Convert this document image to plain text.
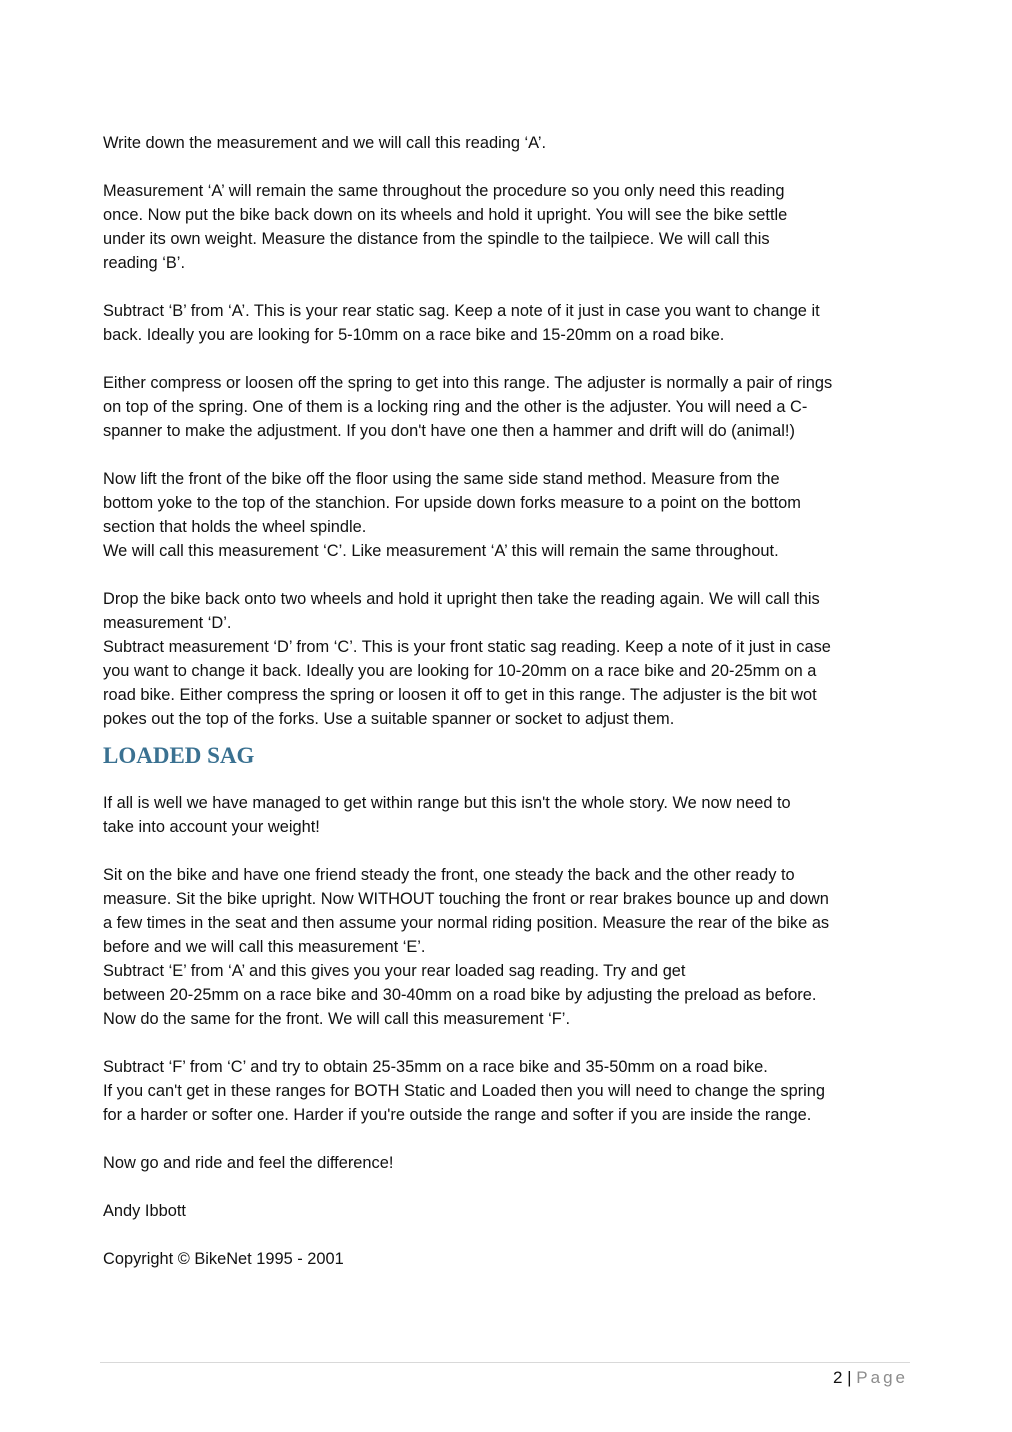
Write down the measurement and we will call this reading ‘A’.
Measurement ‘A’ will remain the same throughout the procedure so you only need this reading
once. Now put the bike back down on its wheels and hold it upright. You will see the bike settle
under its own weight. Measure the distance from the spindle to the tailpiece. We will call this
reading ‘B’.
Subtract ‘B’ from ‘A’. This is your rear static sag. Keep a note of it just in case you want to change it
back. Ideally you are looking for 5-10mm on a race bike and 15-20mm on a road bike.
Either compress or loosen off the spring to get into this range. The adjuster is normally a pair of rings
on top of the spring. One of them is a locking ring and the other is the adjuster. You will need a C-
spanner to make the adjustment. If you don't have one then a hammer and drift will do (animal!)
Now lift the front of the bike off the floor using the same side stand method. Measure from the
bottom yoke to the top of the stanchion. For upside down forks measure to a point on the bottom
section that holds the wheel spindle.
We will call this measurement ‘C’. Like measurement ‘A’ this will remain the same throughout.
Drop the bike back onto two wheels and hold it upright then take the reading again. We will call this
measurement ‘D’.
Subtract measurement ‘D’ from ‘C’. This is your front static sag reading. Keep a note of it just in case
you want to change it back. Ideally you are looking for 10-20mm on a race bike and 20-25mm on a
road bike. Either compress the spring or loosen it off to get in this range. The adjuster is the bit wot
pokes out the top of the forks. Use a suitable spanner or socket to adjust them.
LOADED SAG
If all is well we have managed to get within range but this isn't the whole story. We now need to
take into account your weight!
Sit on the bike and have one friend steady the front, one steady the back and the other ready to
measure. Sit the bike upright. Now WITHOUT touching the front or rear brakes bounce up and down
a few times in the seat and then assume your normal riding position. Measure the rear of the bike as
before and we will call this measurement ‘E’.
Subtract ‘E’ from ‘A’ and this gives you your rear loaded sag reading. Try and get
between 20-25mm on a race bike and 30-40mm on a road bike by adjusting the preload as before.
Now do the same for the front. We will call this measurement ‘F’.
Subtract ‘F’ from ‘C’ and try to obtain 25-35mm on a race bike and 35-50mm on a road bike.
If you can't get in these ranges for BOTH Static and Loaded then you will need to change the spring
for a harder or softer one. Harder if you're outside the range and softer if you are inside the range.
Now go and ride and feel the difference!
Andy Ibbott
Copyright © BikeNet 1995 - 2001
2 | Page
